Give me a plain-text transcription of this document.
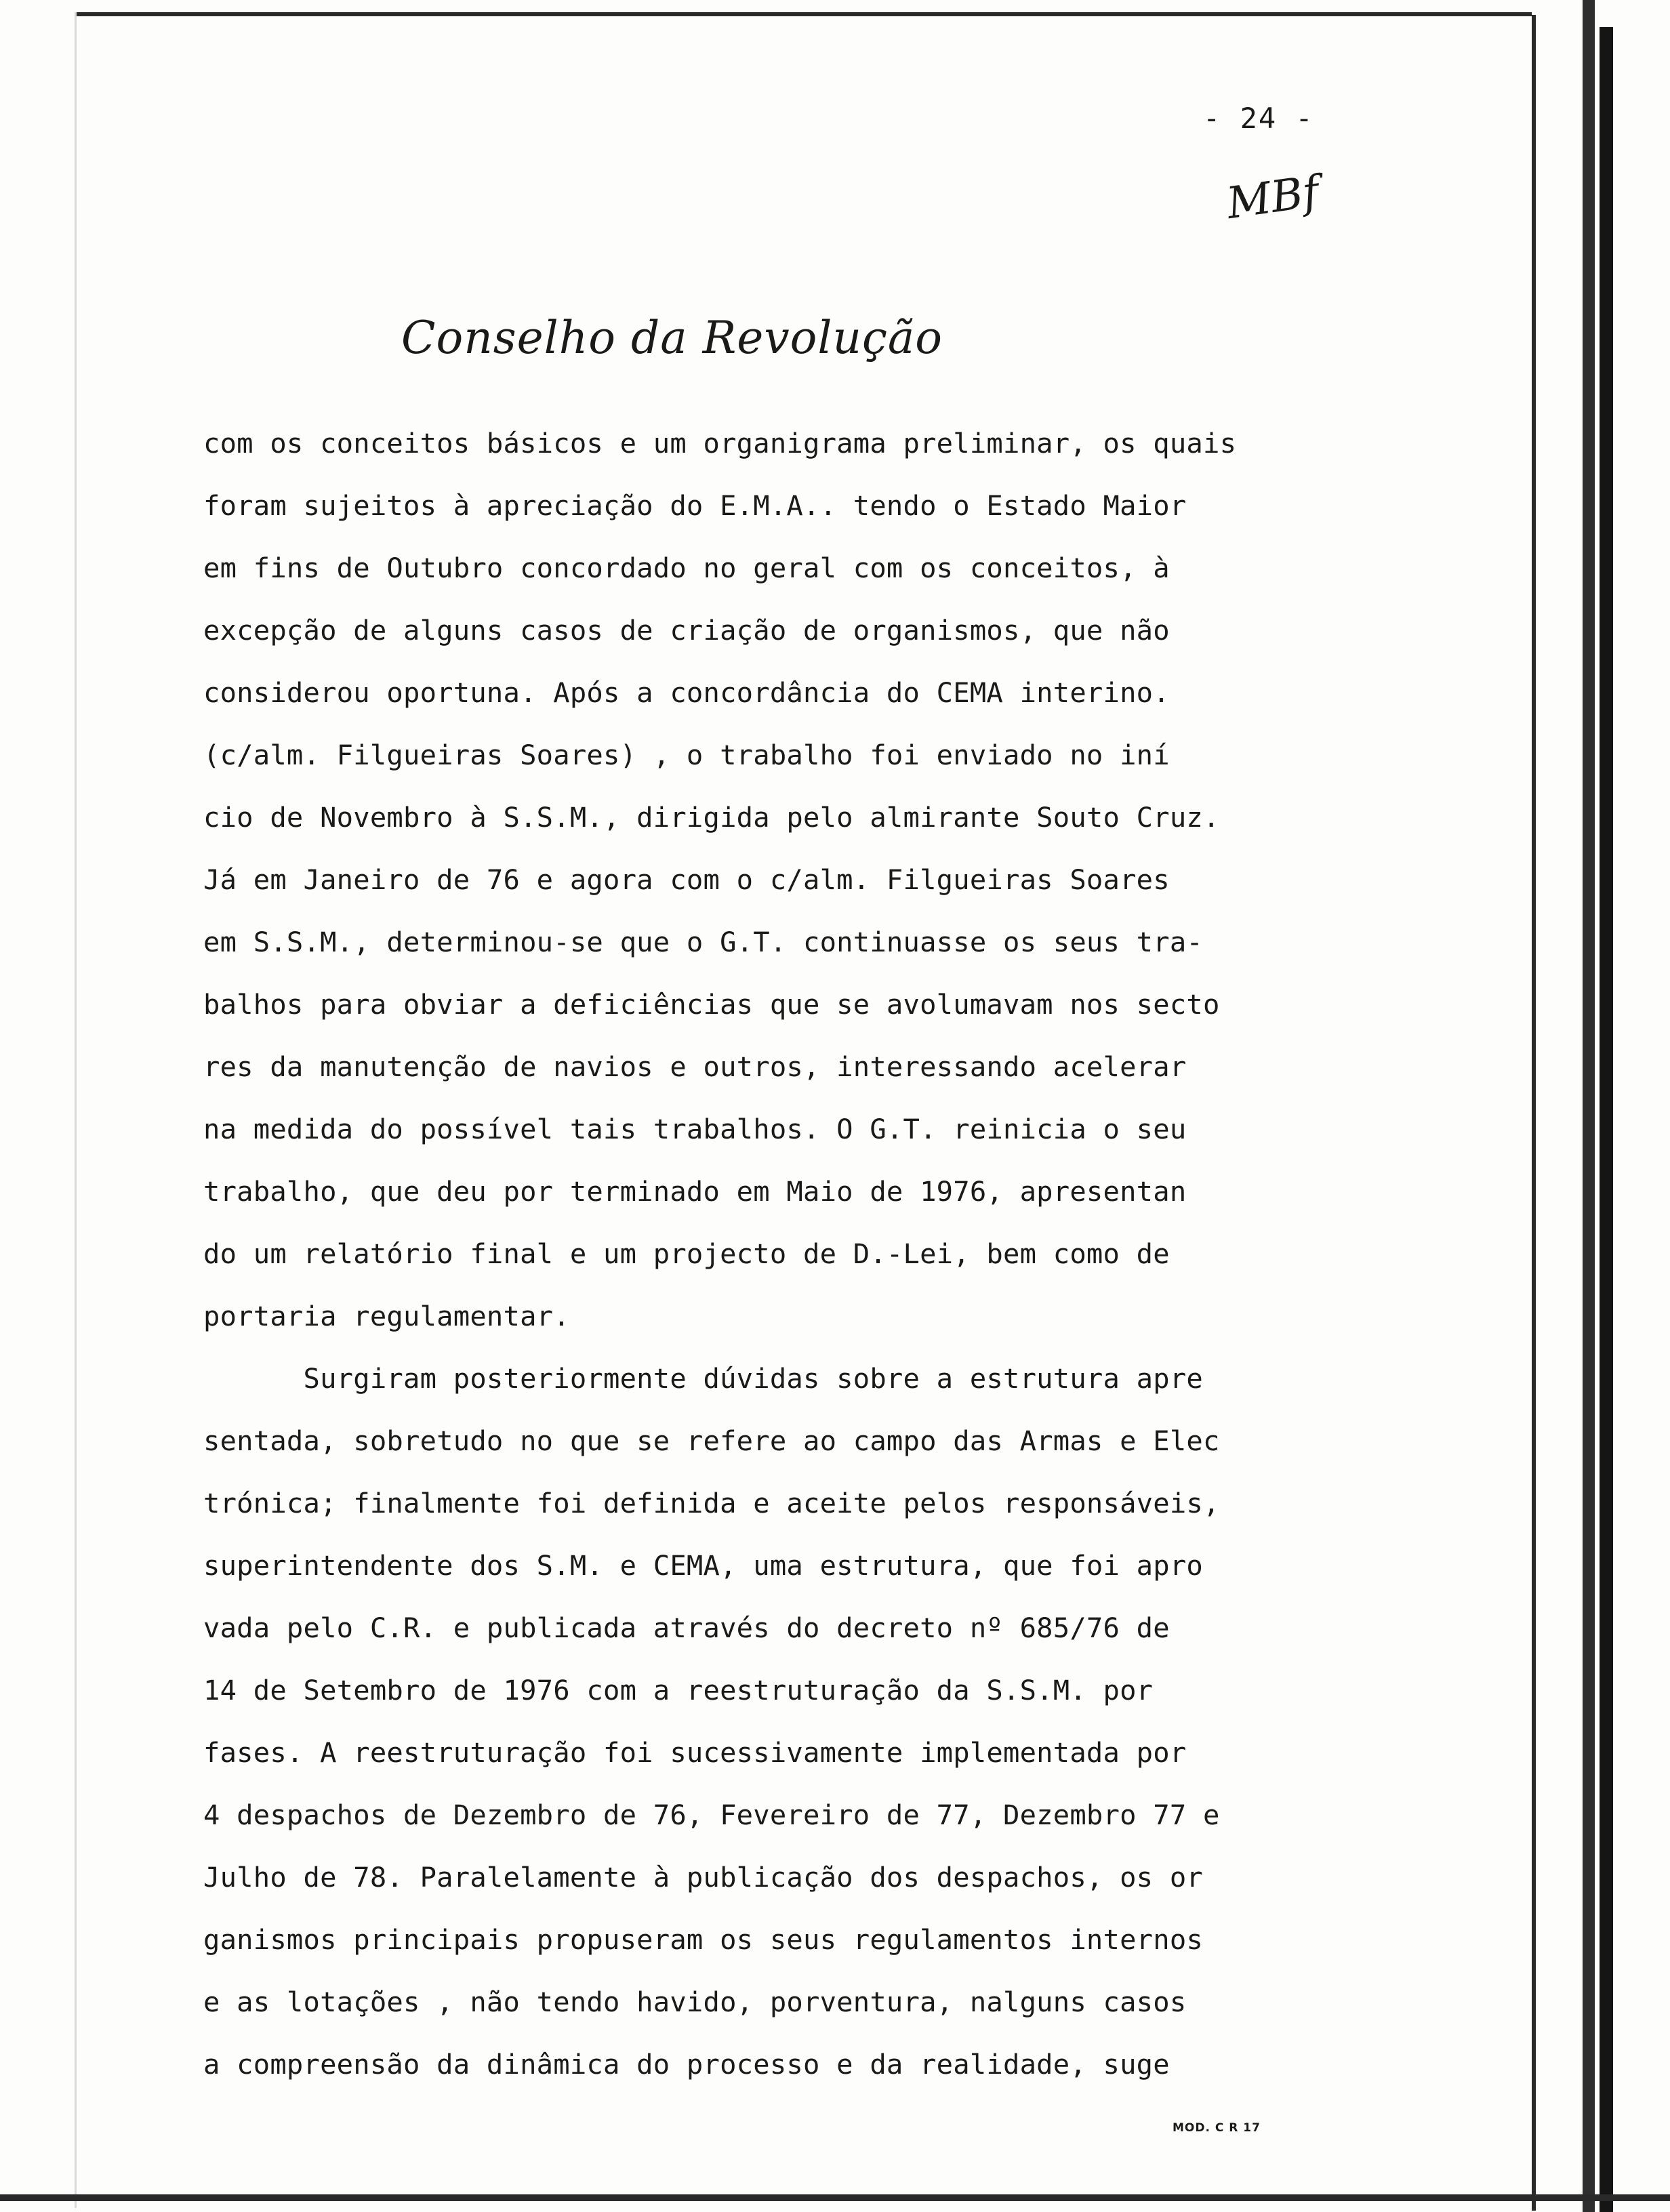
- 24 -
MBf
Conselho da Revolução
com os conceitos básicos e um organigrama preliminar, os quais
foram sujeitos à apreciação do E.M.A.. tendo o Estado Maior
em fins de Outubro concordado no geral com os conceitos, à
excepção de alguns casos de criação de organismos, que não
considerou oportuna. Após a concordância do CEMA interino.
(c/alm. Filgueiras Soares) , o trabalho foi enviado no iní
cio de Novembro à S.S.M., dirigida pelo almirante Souto Cruz.
Já em Janeiro de 76 e agora com o c/alm. Filgueiras Soares
em S.S.M., determinou-se que o G.T. continuasse os seus tra-
balhos para obviar a deficiências que se avolumavam nos secto
res da manutenção de navios e outros, interessando acelerar
na medida do possível tais trabalhos. O G.T. reinicia o seu
trabalho, que deu por terminado em Maio de 1976, apresentan
do um relatório final e um projecto de D.-Lei, bem como de
portaria regulamentar.
Surgiram posteriormente dúvidas sobre a estrutura apre
sentada, sobretudo no que se refere ao campo das Armas e Elec
trónica; finalmente foi definida e aceite pelos responsáveis,
superintendente dos S.M. e CEMA, uma estrutura, que foi apro
vada pelo C.R. e publicada através do decreto nº 685/76 de
14 de Setembro de 1976 com a reestruturação da S.S.M. por
fases. A reestruturação foi sucessivamente implementada por
4 despachos de Dezembro de 76, Fevereiro de 77, Dezembro 77 e
Julho de 78. Paralelamente à publicação dos despachos, os or
ganismos principais propuseram os seus regulamentos internos
e as lotações , não tendo havido, porventura, nalguns casos
a compreensão da dinâmica do processo e da realidade, suge
MOD. C R 17
